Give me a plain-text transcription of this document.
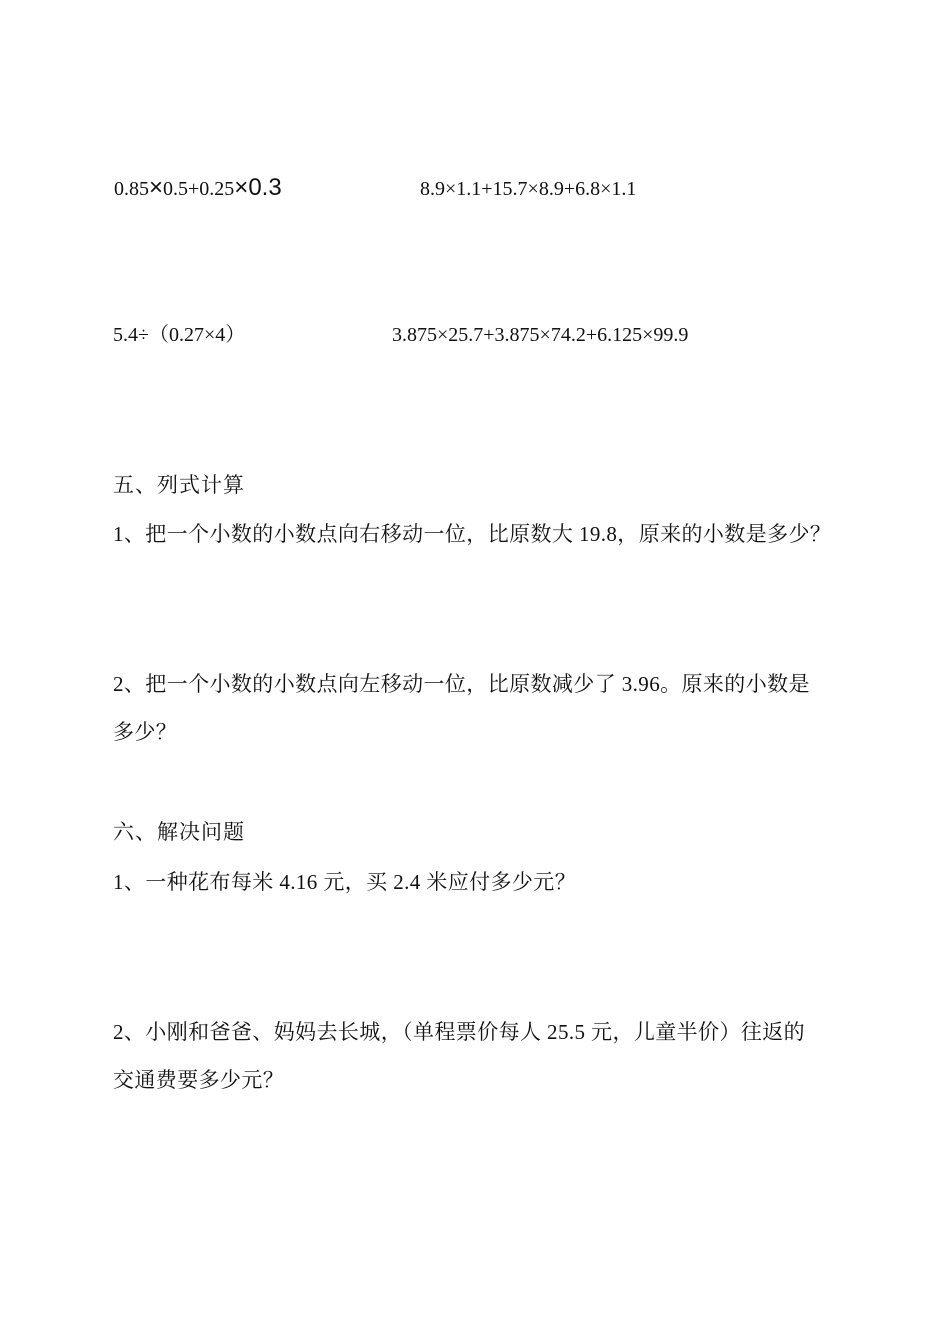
0.85×0.5+0.25×0.3	8.9×1.1+15.7×8.9+6.8×1.1
5.4÷（0.27×4）	3.875×25.7+3.875×74.2+6.125×99.9
五、列式计算
1、把一个小数的小数点向右移动一位，比原数大 19.8，原来的小数是多少？
2、把一个小数的小数点向左移动一位，比原数减少了 3.96。原来的小数是
多少？
六、解决问题
1、一种花布每米 4.16 元，买 2.4 米应付多少元？
2、小刚和爸爸、妈妈去长城，（单程票价每人 25.5 元，儿童半价）往返的
交通费要多少元？
